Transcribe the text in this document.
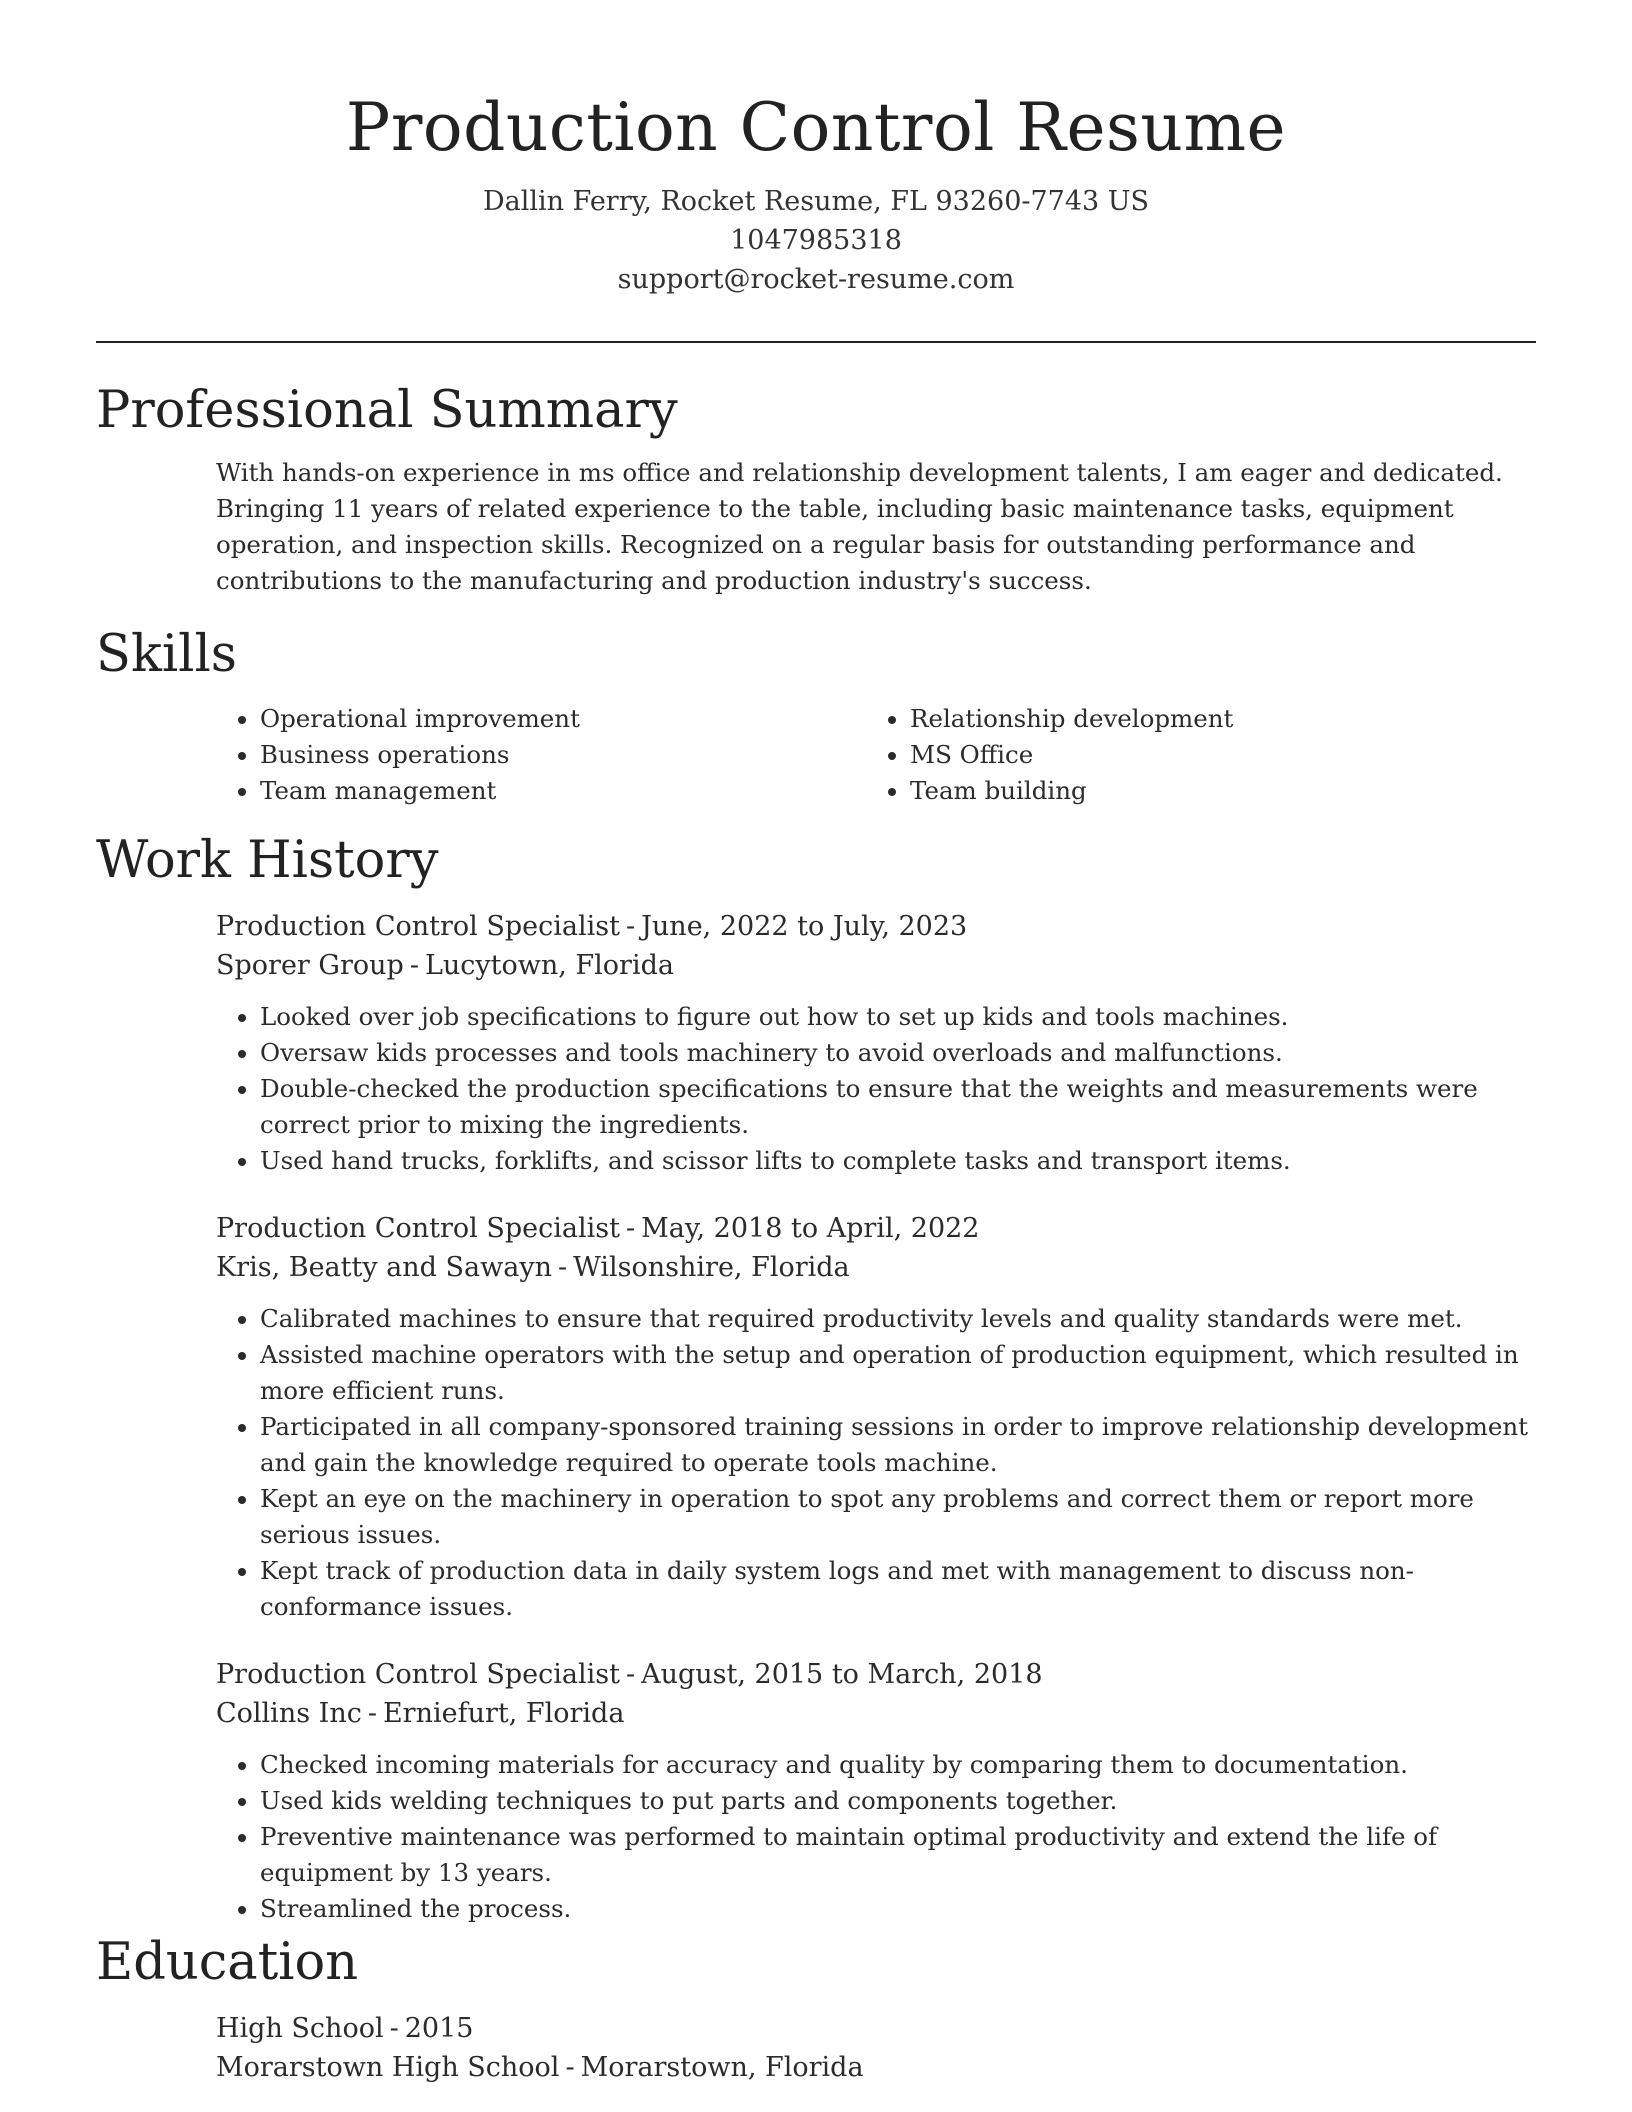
Production Control Resume
Dallin Ferry, Rocket Resume, FL 93260-7743 US
1047985318
support@rocket-resume.com
Professional Summary

With hands-on experience in ms office and relationship development talents, I am eager and dedicated. Bringing 11 years of related experience to the table, including basic maintenance tasks, equipment operation, and inspection skills. Recognized on a regular basis for outstanding performance and contributions to the manufacturing and production industry's success.

Skills
• Operational improvement
• Business operations
• Team management
• Relationship development
• MS Office
• Team building
Work History
Production Control Specialist - June, 2022 to July, 2023
Sporer Group - Lucytown, Florida
• Looked over job specifications to figure out how to set up kids and tools machines.
• Oversaw kids processes and tools machinery to avoid overloads and malfunctions.
• Double-checked the production specifications to ensure that the weights and measurements were correct prior to mixing the ingredients.
• Used hand trucks, forklifts, and scissor lifts to complete tasks and transport items.
Production Control Specialist - May, 2018 to April, 2022
Kris, Beatty and Sawayn - Wilsonshire, Florida
• Calibrated machines to ensure that required productivity levels and quality standards were met.
• Assisted machine operators with the setup and operation of production equipment, which resulted in more efficient runs.
• Participated in all company-sponsored training sessions in order to improve relationship development and gain the knowledge required to operate tools machine.
• Kept an eye on the machinery in operation to spot any problems and correct them or report more serious issues.
• Kept track of production data in daily system logs and met with management to discuss non-conformance issues.
Production Control Specialist - August, 2015 to March, 2018
Collins Inc - Erniefurt, Florida
• Checked incoming materials for accuracy and quality by comparing them to documentation.
• Used kids welding techniques to put parts and components together.
• Preventive maintenance was performed to maintain optimal productivity and extend the life of equipment by 13 years.
• Streamlined the process.
Education
High School - 2015
Morarstown High School - Morarstown, Florida
